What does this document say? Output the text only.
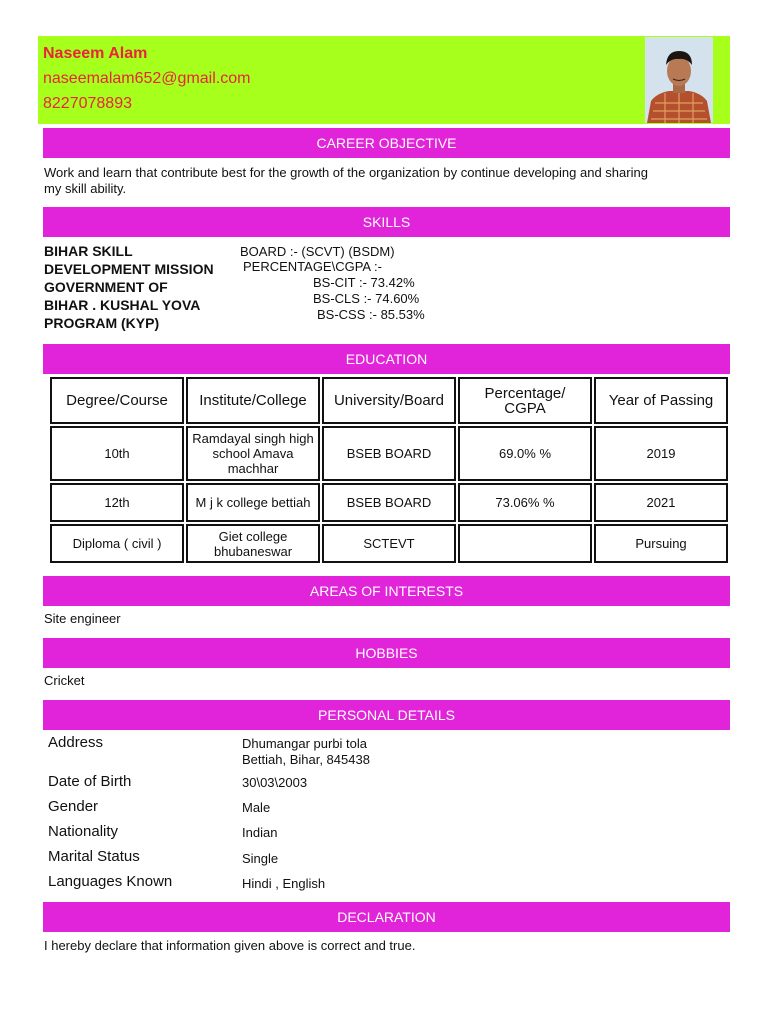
Naseem Alam
naseemalam652@gmail.com
8227078893
CAREER OBJECTIVE
Work and learn that contribute best for the growth of the organization by continue developing and sharing
my skill ability.
SKILLS
BIHAR SKILL
DEVELOPMENT MISSION
GOVERNMENT OF
BIHAR . KUSHAL YOVA
PROGRAM (KYP)
BOARD :- (SCVT) (BSDM)
PERCENTAGE\CGPA :-
BS-CIT :- 73.42%
BS-CLS :- 74.60%
BS-CSS :- 85.53%
EDUCATION
Degree/Course	Institute/College	University/Board	Percentage/ CGPA	Year of Passing
10th	Ramdayal singh high school Amava machhar	BSEB BOARD	69.0% %	2019
12th	M j k college bettiah	BSEB BOARD	73.06% %	2021
Diploma ( civil )	Giet college bhubaneswar	SCTEVT		Pursuing
AREAS OF INTERESTS
Site engineer
HOBBIES
Cricket
PERSONAL DETAILS
Address	Dhumangar purbi tola
Bettiah, Bihar, 845438
Date of Birth	30\03\2003
Gender	Male
Nationality	Indian
Marital Status	Single
Languages Known	Hindi , English
DECLARATION
I hereby declare that information given above is correct and true.
